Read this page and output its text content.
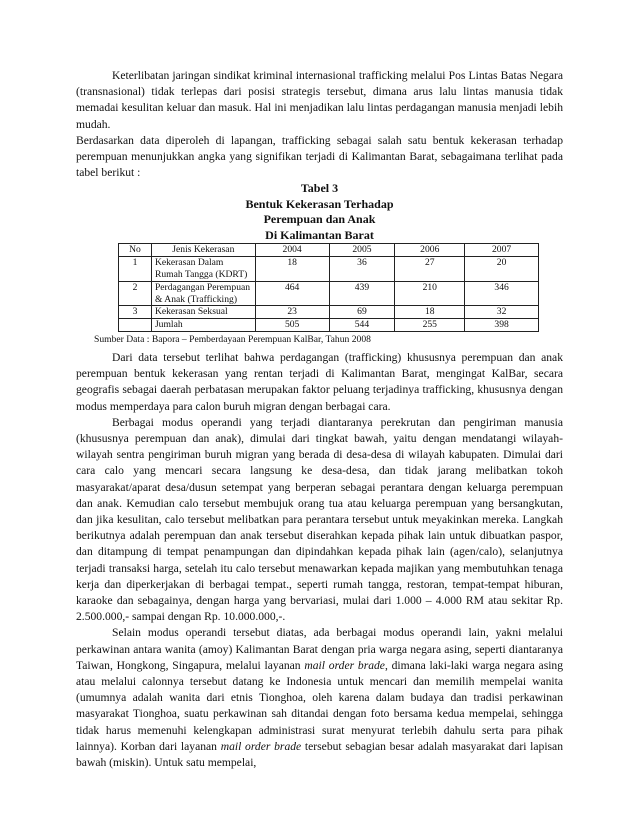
Keterlibatan jaringan sindikat kriminal internasional trafficking melalui Pos Lintas Batas Negara (transnasional) tidak terlepas dari posisi strategis tersebut, dimana arus lalu lintas manusia tidak memadai kesulitan keluar dan masuk. Hal ini menjadikan lalu lintas perdagangan manusia menjadi lebih mudah.

Berdasarkan data diperoleh di lapangan, trafficking sebagai salah satu bentuk kekerasan terhadap perempuan menunjukkan angka yang signifikan terjadi di Kalimantan Barat, sebagaimana terlihat pada tabel berikut :

Tabel 3

Bentuk Kekerasan Terhadap

Perempuan dan Anak

Di Kalimantan Barat

No	Jenis Kekerasan	2004	2005	2006	2007
1	Kekerasan Dalam Rumah Tangga (KDRT)	18	36	27	20
2	Perdagangan Perempuan & Anak (Trafficking)	464	439	210	346
3	Kekerasan Seksual	23	69	18	32
	Jumlah	505	544	255	398

Sumber Data : Bapora – Pemberdayaan Perempuan KalBar, Tahun 2008

Dari data tersebut terlihat bahwa perdagangan (trafficking) khususnya perempuan dan anak perempuan bentuk kekerasan yang rentan terjadi di Kalimantan Barat, mengingat KalBar, secara geografis sebagai daerah perbatasan merupakan faktor peluang terjadinya trafficking, khususnya dengan modus memperdaya para calon buruh migran dengan berbagai cara.

Berbagai modus operandi yang terjadi diantaranya perekrutan dan pengiriman manusia (khususnya perempuan dan anak), dimulai dari tingkat bawah, yaitu dengan mendatangi wilayah-wilayah sentra pengiriman buruh migran yang berada di desa-desa di wilayah kabupaten. Dimulai dari cara calo yang mencari secara langsung ke desa-desa, dan tidak jarang melibatkan tokoh masyarakat/aparat desa/dusun setempat yang berperan sebagai perantara dengan keluarga perempuan dan anak. Kemudian calo tersebut membujuk orang tua atau keluarga perempuan yang bersangkutan, dan jika kesulitan, calo tersebut melibatkan para perantara tersebut untuk meyakinkan mereka. Langkah berikutnya adalah perempuan dan anak tersebut diserahkan kepada pihak lain untuk dibuatkan paspor, dan ditampung di tempat penampungan dan dipindahkan kepada pihak lain (agen/calo), selanjutnya terjadi transaksi harga, setelah itu calo tersebut menawarkan kepada majikan yang membutuhkan tenaga kerja dan diperkerjakan di berbagai tempat., seperti rumah tangga, restoran, tempat-tempat hiburan, karaoke dan sebagainya, dengan harga yang bervariasi, mulai dari 1.000 – 4.000 RM atau sekitar Rp. 2.500.000,- sampai dengan Rp. 10.000.000,-.

Selain modus operandi tersebut diatas, ada berbagai modus operandi lain, yakni melalui perkawinan antara wanita (amoy) Kalimantan Barat dengan pria warga negara asing, seperti diantaranya Taiwan, Hongkong, Singapura, melalui layanan mail order brade, dimana laki-laki warga negara asing atau melalui calonnya tersebut datang ke Indonesia untuk mencari dan memilih mempelai wanita (umumnya adalah wanita dari etnis Tionghoa, oleh karena dalam budaya dan tradisi perkawinan masyarakat Tionghoa, suatu perkawinan sah ditandai dengan foto bersama kedua mempelai, sehingga tidak harus memenuhi kelengkapan administrasi surat menyurat terlebih dahulu serta para pihak lainnya). Korban dari layanan mail order brade tersebut sebagian besar adalah masyarakat dari lapisan bawah (miskin). Untuk satu mempelai,
